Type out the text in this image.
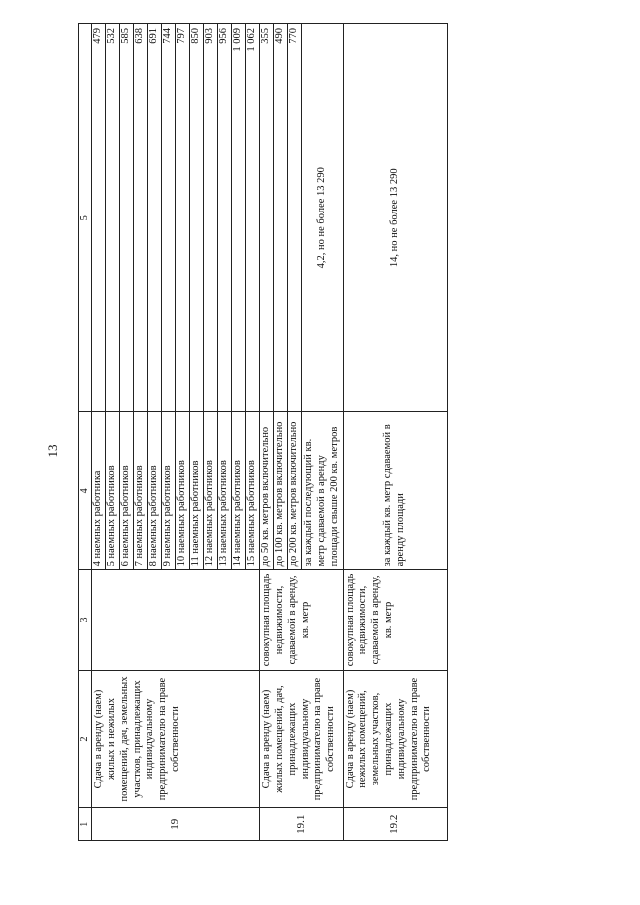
13
1	2	3	4	5
19	Сдача в аренду (наем) жилых и нежилых помещений, дач, земельных участков, принадлежащих индивидуальному предпринимателю на праве собственности		4 наемных работника	479
			5 наемных работников	532
			6 наемных работников	585
			7 наемных работников	638
			8 наемных работников	691
			9 наемных работников	744
			10 наемных работников	797
			11 наемных работников	850
			12 наемных работников	903
			13 наемных работников	956
			14 наемных работников	1 009
			15 наемных работников	1 062
19.1	Сдача в аренду (наем) жилых помещений, дач, принадлежащих индивидуальному предпринимателю на праве собственности	совокупная площадь недвижимости, сдаваемой в аренду, кв. метр	до 50 кв. метров включительно	355
			до 100 кв. метров включительно	490
			до 200 кв. метров включительно	770
			за каждый последующий кв. метр сдаваемой в аренду площади свыше 200 кв. метров	4,2, но не более 13 290
19.2	Сдача в аренду (наем) нежилых помещений, земельных участков, принадлежащих индивидуальному предпринимателю на праве собственности	совокупная площадь недвижимости, сдаваемой в аренду, кв. метр	за каждый кв. метр сдаваемой в аренду площади	14, но не более 13 290
